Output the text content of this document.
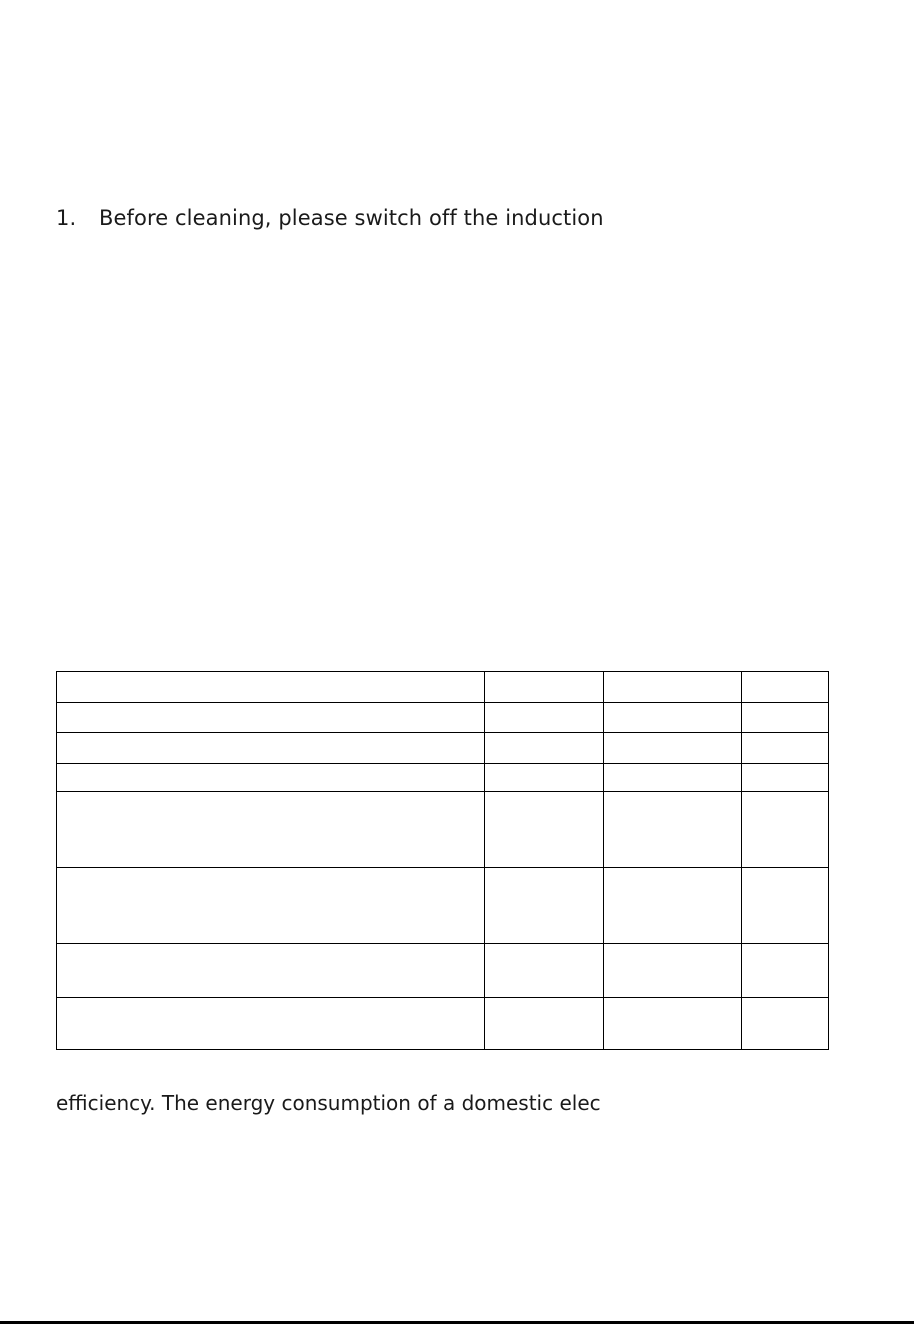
1. Before cleaning, please switch off the induction

efficiency. The energy consumption of a domestic elec
